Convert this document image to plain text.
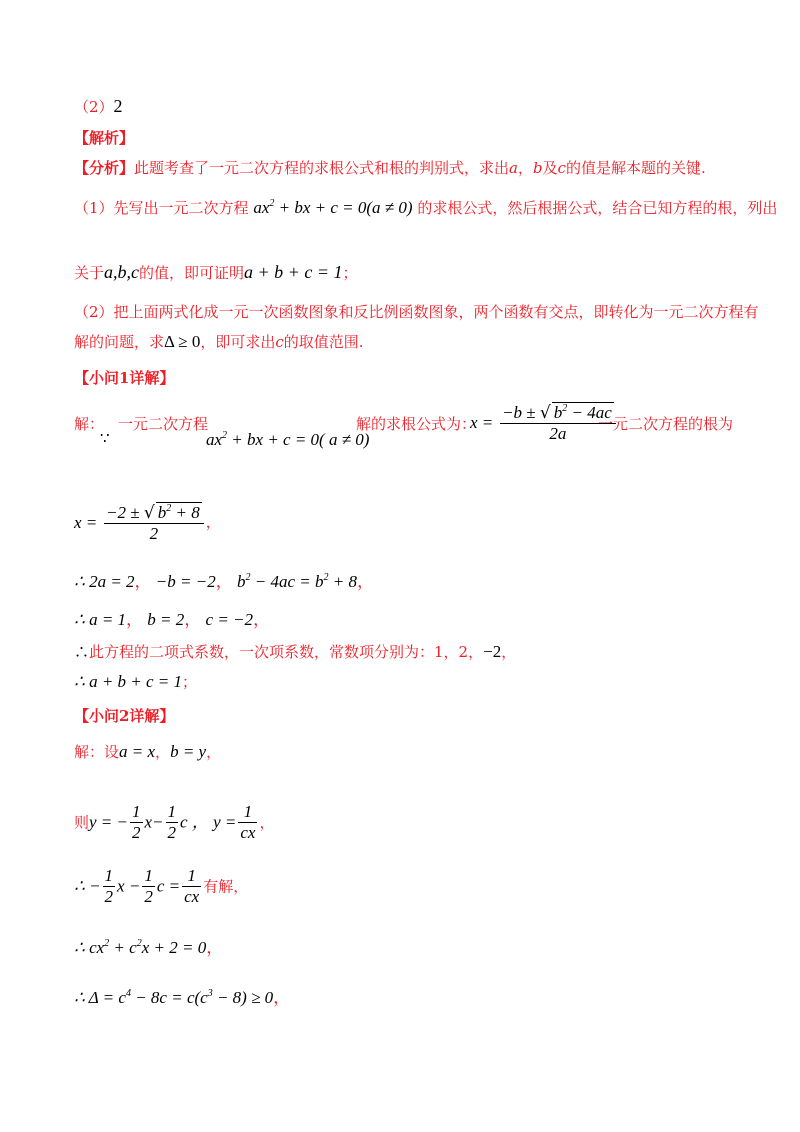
（2）2
【解析】
【分析】此题考查了一元二次方程的求根公式和根的判别式，求出a，b及c的值是解本题的关键.
（1）先写出一元二次方程 $ax^2$ + bx + c = 0(a ≠ 0) 的求根公式，然后根据公式，结合已知方程的根，列出
关于a,b,c的值，即可证明a + b + c = 1；
（2）把上面两式化成一元一次函数图象和反比例函数图象，两个函数有交点，即转化为一元二次方程有
解的问题，求Δ ≥ 0，即可求出c的取值范围.
【小问1详解】
解：
∵
一元二次方程
$ax^2$ + bx + c = 0( a ≠ 0)
解的求根公式为：
$x = \frac{-b \pm √ b^2 - 4ac}{2a}$
一元二次方程的根为
$x = \frac{-2 \pm √ b^2 + 8}{2}$ ，
∴ 2a = 2， −b = −2， $b^2 - 4ac = b^2 + 8$，
∴ a = 1， b = 2， c = −2，
∴此方程的二项式系数，一次项系数，常数项分别为：1，2，−2，
∴ a + b + c = 1；
【小问2详解】
解：设a = x，b = y，
则y = − $\frac{1}{2} x- \frac{1}{2}$ c ， $y = \frac{1}{cx}$ ，
∴ − $\frac{1}{2}$ $x - \frac{1}{2}$ $c = \frac{1}{cx}$ 有解，
∴ $cx^2 + c^2x + 2 = 0$，
∴ $\Delta = c^4 - 8c = c(c^3 - 8) \ge 0$，
